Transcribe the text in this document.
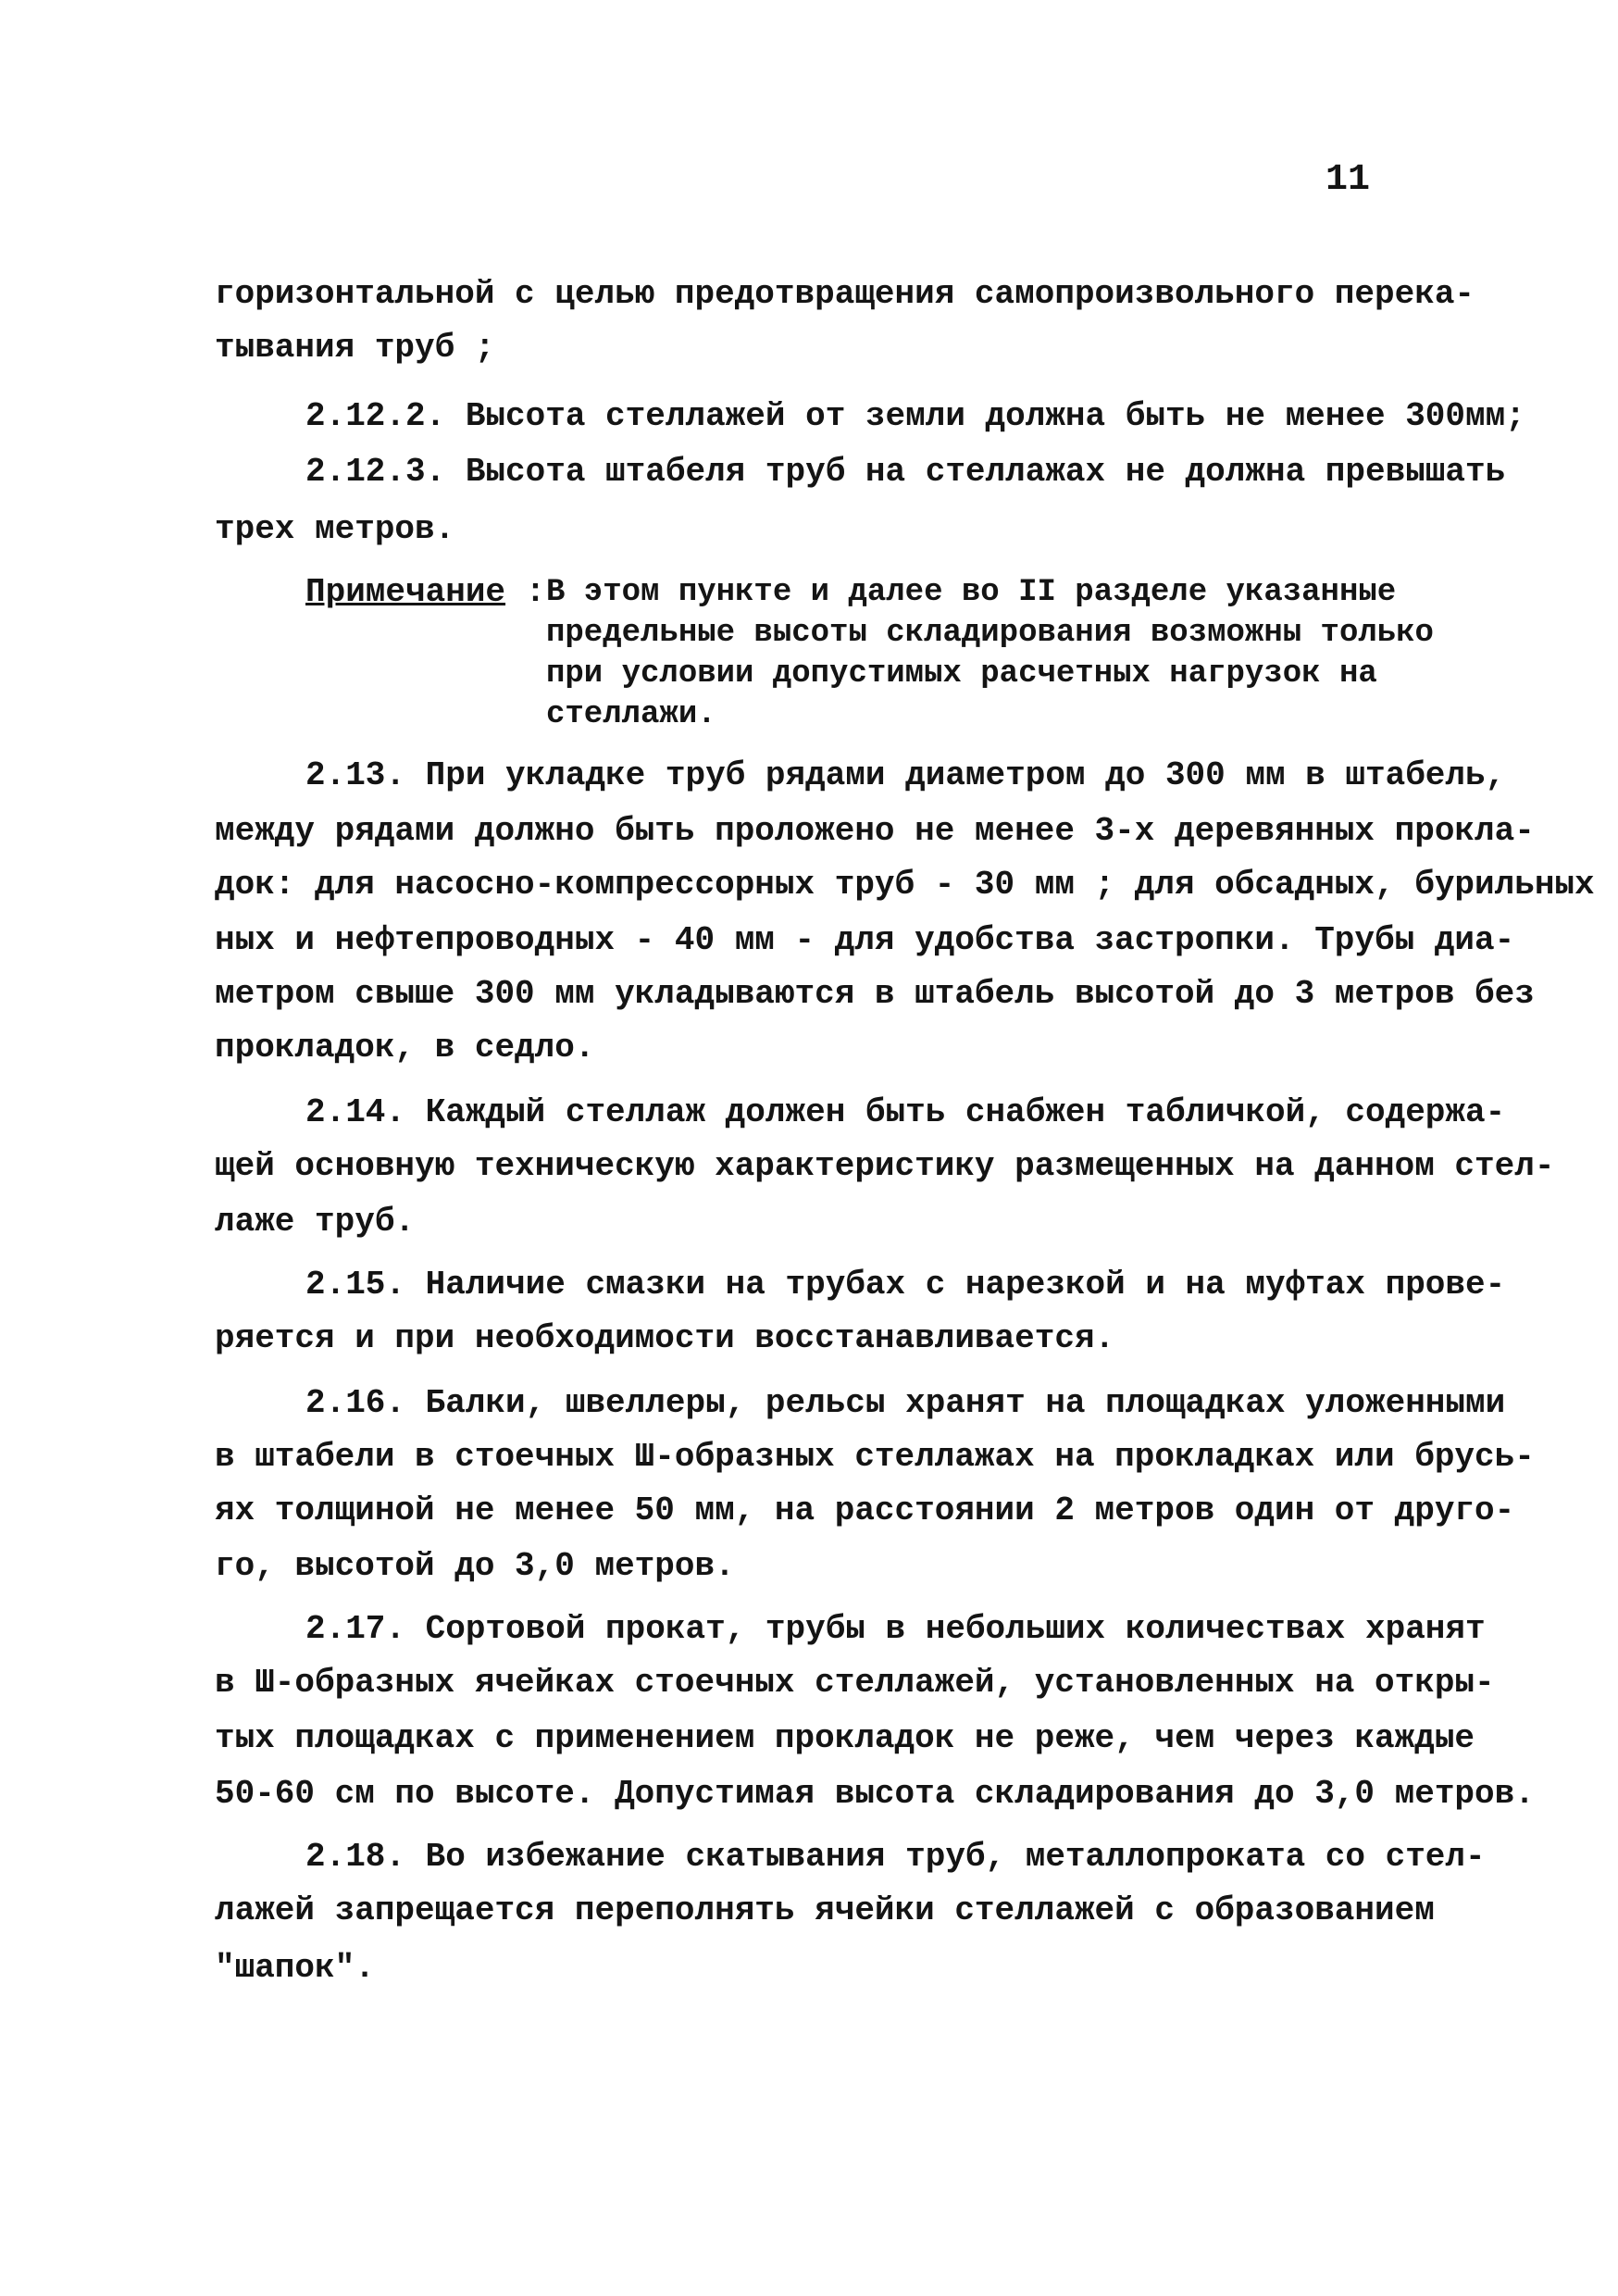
11
горизонтальной с целью предотвращения самопроизвольного перека-
тывания труб ;
2.12.2. Высота стеллажей от земли должна быть не менее 300мм;
2.12.3. Высота штабеля труб на стеллажах не должна превышать
трех метров.
Примечание : В этом пункте и далее во II разделе указанные
предельные высоты складирования возможны только
при условии допустимых расчетных нагрузок на
стеллажи.
2.13. При укладке труб рядами диаметром до 300 мм в штабель,
между рядами должно быть проложено не менее 3-х деревянных прокла-
док: для насосно-компрессорных труб - 30 мм ; для обсадных, бурильных
ных и нефтепроводных - 40 мм - для удобства застропки. Трубы диа-
метром свыше 300 мм укладываются в штабель высотой до 3 метров без
прокладок, в седло.
2.14. Каждый стеллаж должен быть снабжен табличкой, содержа-
щей основную техническую характеристику размещенных на данном стел-
лаже труб.
2.15. Наличие смазки на трубах с нарезкой и на муфтах прове-
ряется и при необходимости восстанавливается.
2.16. Балки, швеллеры, рельсы хранят на площадках уложенными
в штабели в стоечных Ш-образных стеллажах на прокладках или брусь-
ях толщиной не менее 50 мм, на расстоянии 2 метров один от друго-
го, высотой до 3,0 метров.
2.17. Сортовой прокат, трубы в небольших количествах хранят
в Ш-образных ячейках стоечных стеллажей, установленных на откры-
тых площадках с применением прокладок не реже, чем через каждые
50-60 см по высоте. Допустимая высота складирования до 3,0 метров.
2.18. Во избежание скатывания труб, металлопроката со стел-
лажей запрещается переполнять ячейки стеллажей с образованием
"шапок".
